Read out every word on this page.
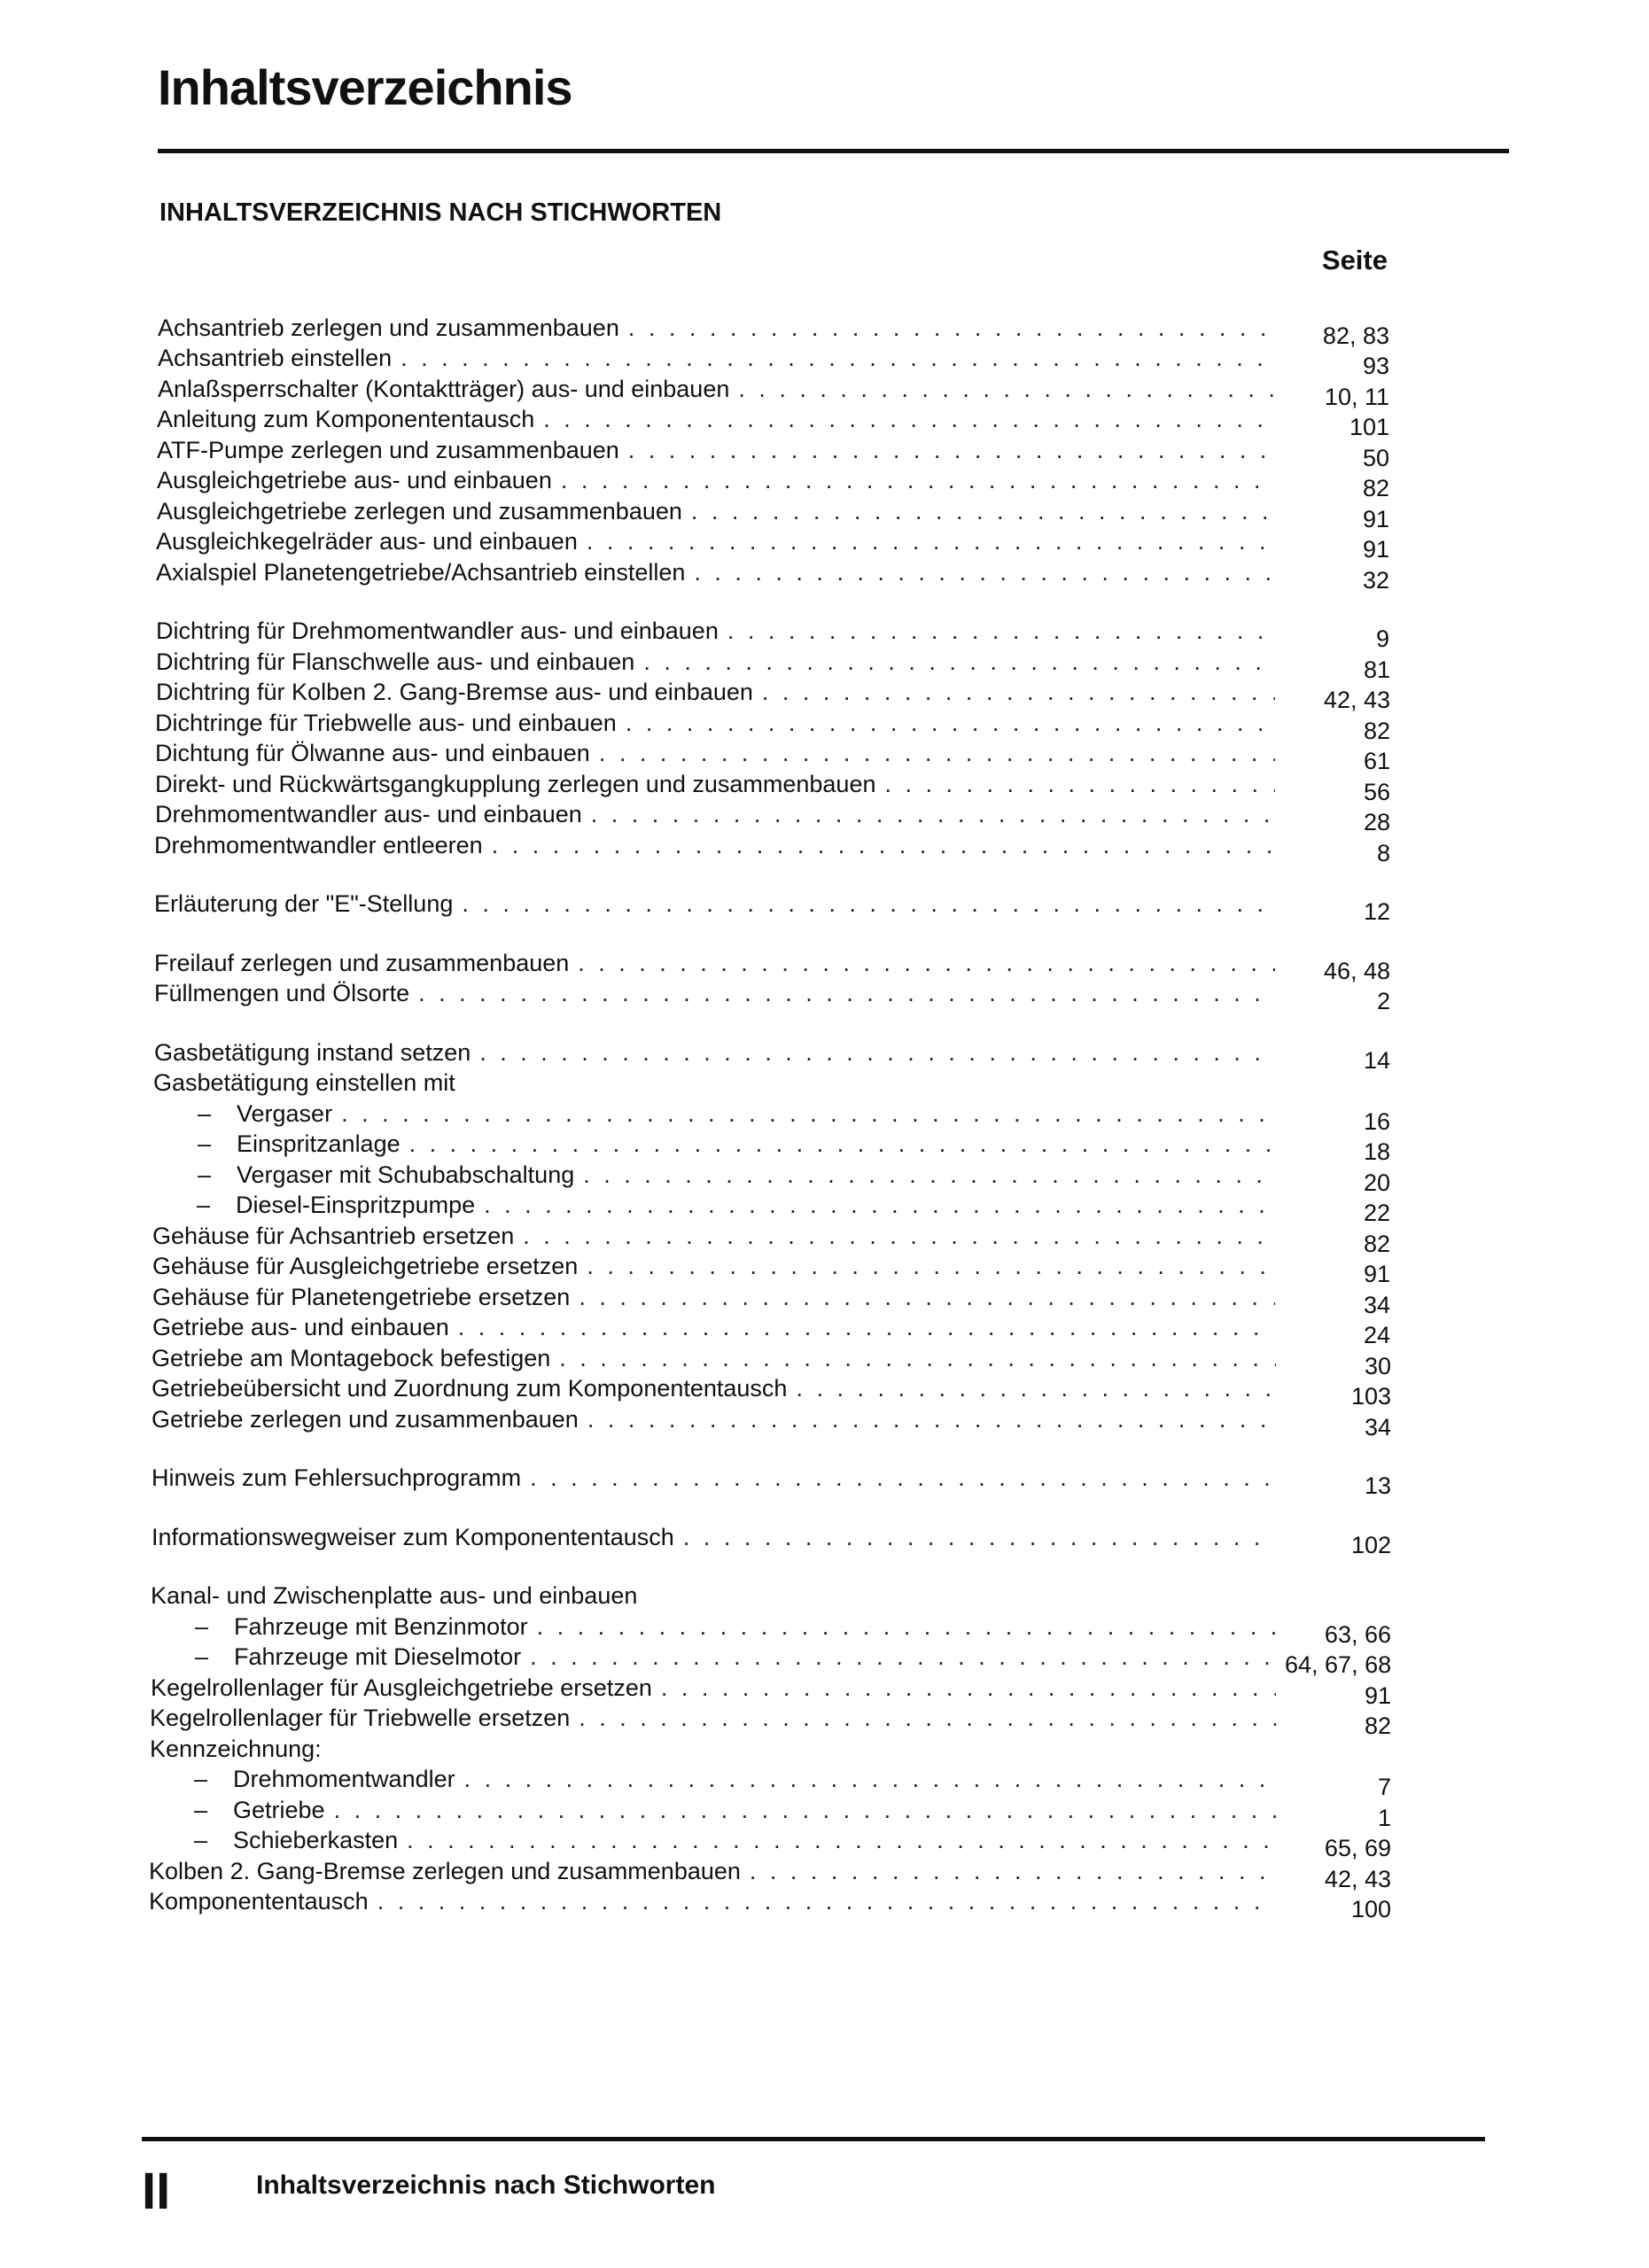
Inhaltsverzeichnis
INHALTSVERZEICHNIS NACH STICHWORTEN
Seite
Achsantrieb zerlegen und zusammenbauen . . .	82, 83
Achsantrieb einstellen . . .	93
Anlaßsperrschalter (Kontaktträger) aus- und einbauen . . .	10, 11
Anleitung zum Komponententausch . . .	101
ATF-Pumpe zerlegen und zusammenbauen . . .	50
Ausgleichgetriebe aus- und einbauen . . .	82
Ausgleichgetriebe zerlegen und zusammenbauen . . .	91
Ausgleichkegelräder aus- und einbauen . . .	91
Axialspiel Planetengetriebe/Achsantrieb einstellen . . .	32
Dichtring für Drehmomentwandler aus- und einbauen . . .	9
Dichtring für Flanschwelle aus- und einbauen . . .	81
Dichtring für Kolben 2. Gang-Bremse aus- und einbauen . . .	42, 43
Dichtringe für Triebwelle aus- und einbauen . . .	82
Dichtung für Ölwanne aus- und einbauen . . .	61
Direkt- und Rückwärtsgangkupplung zerlegen und zusammenbauen . . .	56
Drehmomentwandler aus- und einbauen . . .	28
Drehmomentwandler entleeren . . .	8
Erläuterung der "E"-Stellung . . .	12
Freilauf zerlegen und zusammenbauen . . .	46, 48
Füllmengen und Ölsorte . . .	2
Gasbetätigung instand setzen . . .	14
Gasbetätigung einstellen mit
– Vergaser . . .	16
– Einspritzanlage . . .	18
– Vergaser mit Schubabschaltung . . .	20
– Diesel-Einspritzpumpe . . .	22
Gehäuse für Achsantrieb ersetzen . . .	82
Gehäuse für Ausgleichgetriebe ersetzen . . .	91
Gehäuse für Planetengetriebe ersetzen . . .	34
Getriebe aus- und einbauen . . .	24
Getriebe am Montagebock befestigen . . .	30
Getriebeübersicht und Zuordnung zum Komponententausch . . .	103
Getriebe zerlegen und zusammenbauen . . .	34
Hinweis zum Fehlersuchprogramm . . .	13
Informationswegweiser zum Komponententausch . . .	102
Kanal- und Zwischenplatte aus- und einbauen
– Fahrzeuge mit Benzinmotor . . .	63, 66
– Fahrzeuge mit Dieselmotor . . .	64, 67, 68
Kegelrollenlager für Ausgleichgetriebe ersetzen . . .	91
Kegelrollenlager für Triebwelle ersetzen . . .	82
Kennzeichnung:
– Drehmomentwandler . . .	7
– Getriebe . . .	1
– Schieberkasten . . .	65, 69
Kolben 2. Gang-Bremse zerlegen und zusammenbauen . . .	42, 43
Komponententausch . . .	100
II	Inhaltsverzeichnis nach Stichworten
